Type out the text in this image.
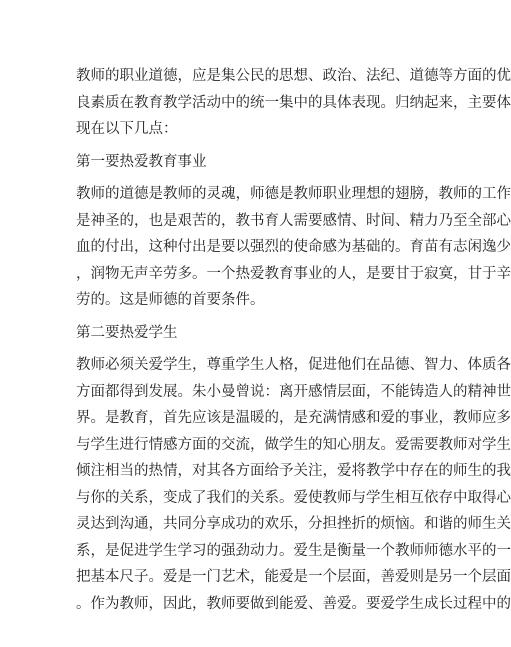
教师的职业道德，应是集公民的思想、政治、法纪、道德等方面的优
良素质在教育教学活动中的统一集中的具体表现。归纳起来，主要体
现在以下几点：
第一要热爱教育事业
教师的道德是教师的灵魂，师德是教师职业理想的翅膀，教师的工作
是神圣的，也是艰苦的，教书育人需要感情、时间、精力乃至全部心
血的付出，这种付出是要以强烈的使命感为基础的。育苗有志闲逸少
，润物无声辛劳多。一个热爱教育事业的人，是要甘于寂寞，甘于辛
劳的。这是师德的首要条件。
第二要热爱学生
教师必须关爱学生，尊重学生人格，促进他们在品德、智力、体质各
方面都得到发展。朱小曼曾说：离开感情层面，不能铸造人的精神世
界。是教育，首先应该是温暖的，是充满情感和爱的事业，教师应多
与学生进行情感方面的交流，做学生的知心朋友。爱需要教师对学生
倾注相当的热情，对其各方面给予关注，爱将教学中存在的师生的我
与你的关系，变成了我们的关系。爱使教师与学生相互依存中取得心
灵达到沟通，共同分享成功的欢乐，分担挫折的烦恼。和谐的师生关
系，是促进学生学习的强劲动力。爱生是衡量一个教师师德水平的一
把基本尺子。爱是一门艺术，能爱是一个层面，善爱则是另一个层面
。作为教师，因此，教师要做到能爱、善爱。要爱学生成长过程中的
